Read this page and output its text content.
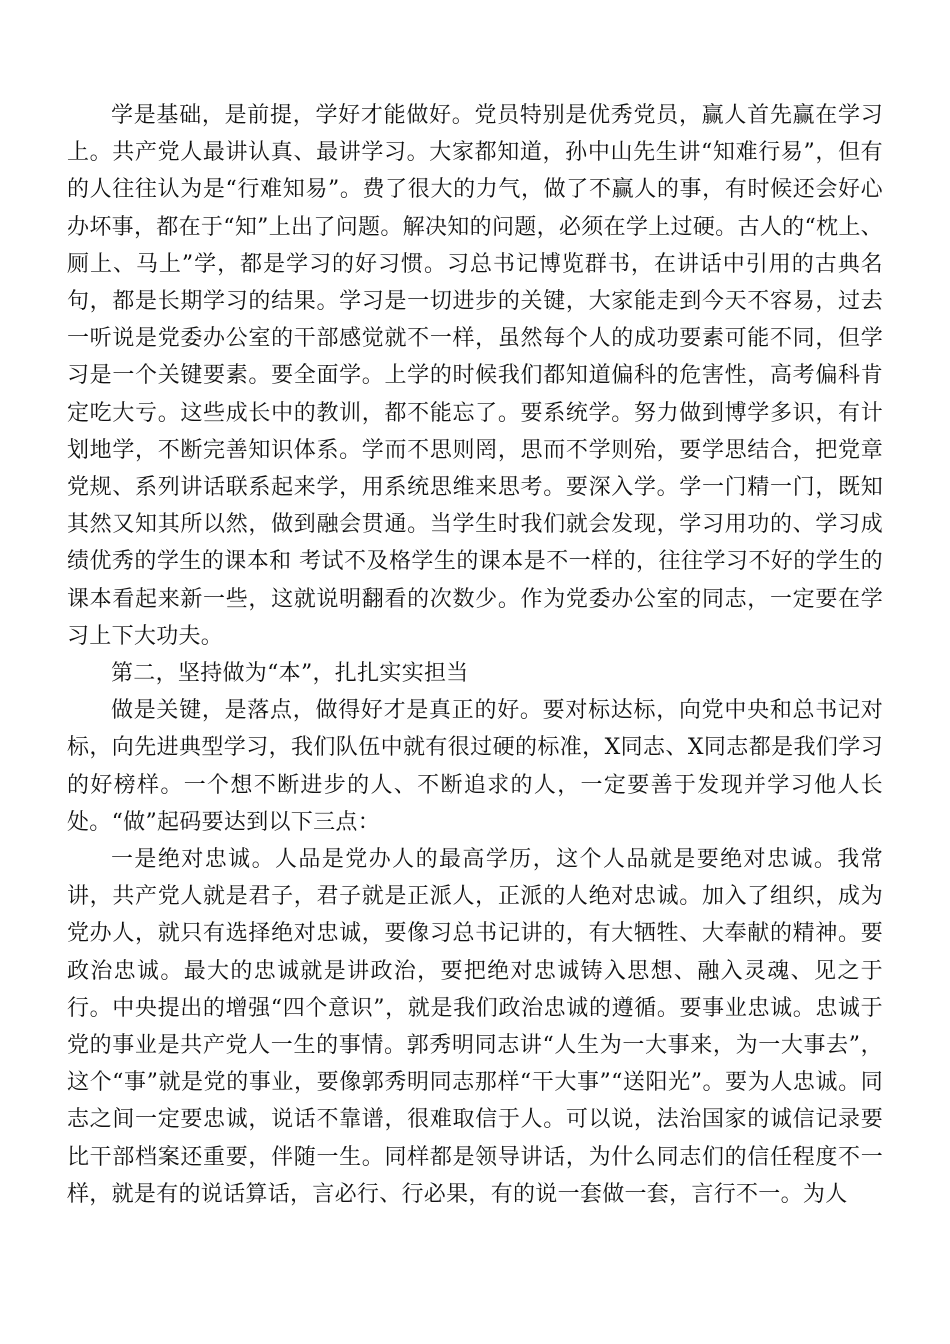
学是基础，是前提，学好才能做好。党员特别是优秀党员，赢人首先赢在学习上。共产党人最讲认真、最讲学习。大家都知道，孙中山先生讲“知难行易”，但有的人往往认为是“行难知易”。费了很大的力气，做了不赢人的事，有时候还会好心办坏事，都在于“知”上出了问题。解决知的问题，必须在学上过硬。古人的“枕上、厕上、马上”学，都是学习的好习惯。习总书记博览群书，在讲话中引用的古典名句，都是长期学习的结果。学习是一切进步的关键，大家能走到今天不容易，过去一听说是党委办公室的干部感觉就不一样，虽然每个人的成功要素可能不同，但学习是一个关键要素。要全面学。上学的时候我们都知道偏科的危害性，高考偏科肯定吃大亏。这些成长中的教训，都不能忘了。要系统学。努力做到博学多识，有计划地学，不断完善知识体系。学而不思则罔，思而不学则殆，要学思结合，把党章党规、系列讲话联系起来学，用系统思维来思考。要深入学。学一门精一门，既知其然又知其所以然，做到融会贯通。当学生时我们就会发现，学习用功的、学习成绩优秀的学生的课本和 考试不及格学生的课本是不一样的，往往学习不好的学生的课本看起来新一些，这就说明翻看的次数少。作为党委办公室的同志，一定要在学习上下大功夫。

第二，坚持做为“本”，扎扎实实担当

做是关键，是落点，做得好才是真正的好。要对标达标，向党中央和总书记对标，向先进典型学习，我们队伍中就有很过硬的标准，X同志、X同志都是我们学习的好榜样。一个想不断进步的人、不断追求的人，一定要善于发现并学习他人长处。“做”起码要达到以下三点：

一是绝对忠诚。人品是党办人的最高学历，这个人品就是要绝对忠诚。我常讲，共产党人就是君子，君子就是正派人，正派的人绝对忠诚。加入了组织，成为党办人，就只有选择绝对忠诚，要像习总书记讲的，有大牺牲、大奉献的精神。要政治忠诚。最大的忠诚就是讲政治，要把绝对忠诚铸入思想、融入灵魂、见之于行。中央提出的增强“四个意识”，就是我们政治忠诚的遵循。要事业忠诚。忠诚于党的事业是共产党人一生的事情。郭秀明同志讲“人生为一大事来，为一大事去”，这个“事”就是党的事业，要像郭秀明同志那样“干大事”“送阳光”。要为人忠诚。同志之间一定要忠诚，说话不靠谱，很难取信于人。可以说，法治国家的诚信记录要比干部档案还重要，伴随一生。同样都是领导讲话，为什么同志们的信任程度不一样，就是有的说话算话，言必行、行必果，有的说一套做一套，言行不一。为人
